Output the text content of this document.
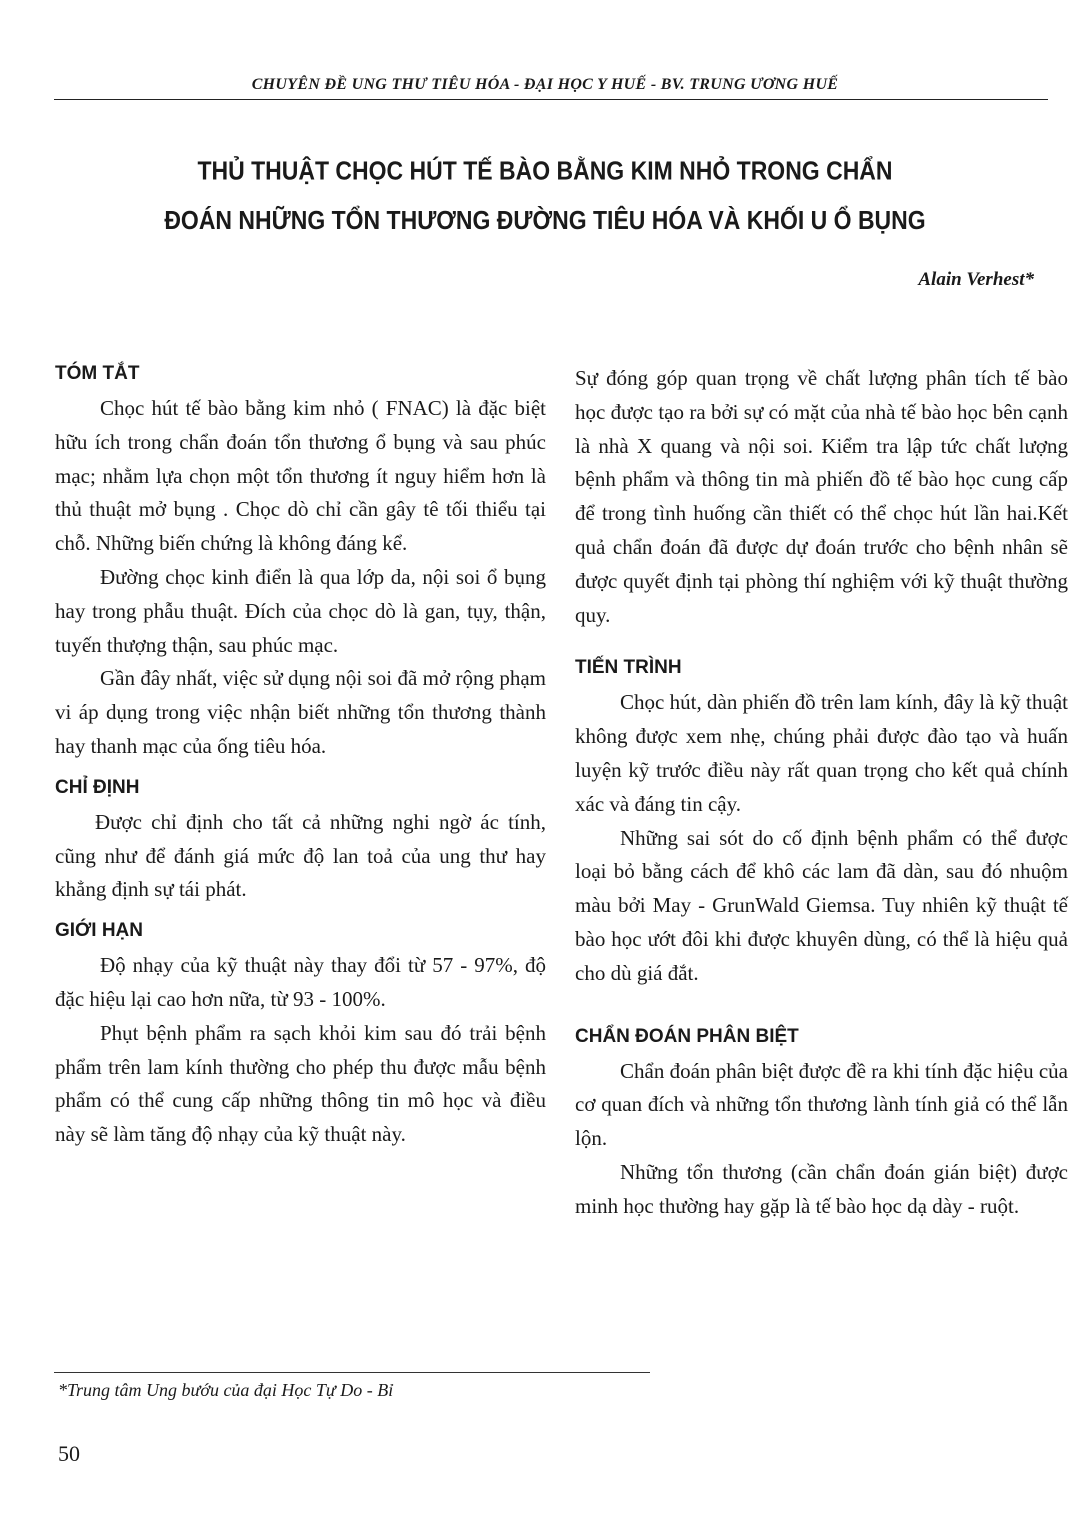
CHUYÊN ĐỀ UNG THƯ TIÊU HÓA - ĐẠI HỌC Y HUẾ - BV. TRUNG ƯƠNG HUẾ
THỦ THUẬT CHỌC HÚT TẾ BÀO BẰNG KIM NHỎ TRONG CHẨN
ĐOÁN NHỮNG TỔN THƯƠNG ĐƯỜNG TIÊU HÓA VÀ KHỐI U Ổ BỤNG
Alain Verhest*
TÓM TẮT

Chọc hút tế bào bằng kim nhỏ ( FNAC) là đặc biệt hữu ích trong chẩn đoán tổn thương ổ bụng và sau phúc mạc; nhằm lựa chọn một tổn thương ít nguy hiểm hơn là thủ thuật mở bụng . Chọc dò chỉ cần gây tê tối thiểu tại chỗ. Những biến chứng là không đáng kể.

Đường chọc kinh điển là qua lớp da, nội soi ổ bụng hay trong phẫu thuật. Đích của chọc dò là gan, tụy, thận, tuyến thượng thận, sau phúc mạc.

Gần đây nhất, việc sử dụng nội soi đã mở rộng phạm vi áp dụng trong việc nhận biết những tổn thương thành hay thanh mạc của ống tiêu hóa.

CHỈ ĐỊNH

Được chỉ định cho tất cả những nghi ngờ ác tính, cũng như để đánh giá mức độ lan toả của ung thư hay khẳng định sự tái phát.

GIỚI HẠN

Độ nhạy của kỹ thuật này thay đổi từ 57 - 97%, độ đặc hiệu lại cao hơn nữa, từ 93 - 100%.

Phụt bệnh phẩm ra sạch khỏi kim sau đó trải bệnh phẩm trên lam kính thường cho phép thu được mẫu bệnh phẩm có thể cung cấp những thông tin mô học và điều này sẽ làm tăng độ nhạy của kỹ thuật này.

Sự đóng góp quan trọng về chất lượng phân tích tế bào học được tạo ra bởi sự có mặt của nhà tế bào học bên cạnh là nhà X quang và nội soi. Kiểm tra lập tức chất lượng bệnh phẩm và thông tin mà phiến đồ tế bào học cung cấp để trong tình huống cần thiết có thể chọc hút lần hai.Kết quả chẩn đoán đã được dự đoán trước cho bệnh nhân sẽ được quyết định tại phòng thí nghiệm với kỹ thuật thường quy.

TIẾN TRÌNH

Chọc hút, dàn phiến đồ trên lam kính, đây là kỹ thuật không được xem nhẹ, chúng phải được đào tạo và huấn luyện kỹ trước điều này rất quan trọng cho kết quả chính xác và đáng tin cậy.

Những sai sót do cố định bệnh phẩm có thể được loại bỏ bằng cách để khô các lam đã dàn, sau đó nhuộm màu bởi May - GrunWald Giemsa. Tuy nhiên kỹ thuật tế bào học ướt đôi khi được khuyên dùng, có thể là hiệu quả cho dù giá đắt.

CHẨN ĐOÁN PHÂN BIỆT

Chẩn đoán phân biệt được đề ra khi tính đặc hiệu của cơ quan đích và những tổn thương lành tính giả có thể lẫn lộn.

Những tổn thương (cần chẩn đoán gián biệt) được minh học thường hay gặp là tế bào học dạ dày - ruột.

*Trung tâm Ung bướu của đại Học Tự Do - Bỉ
50
